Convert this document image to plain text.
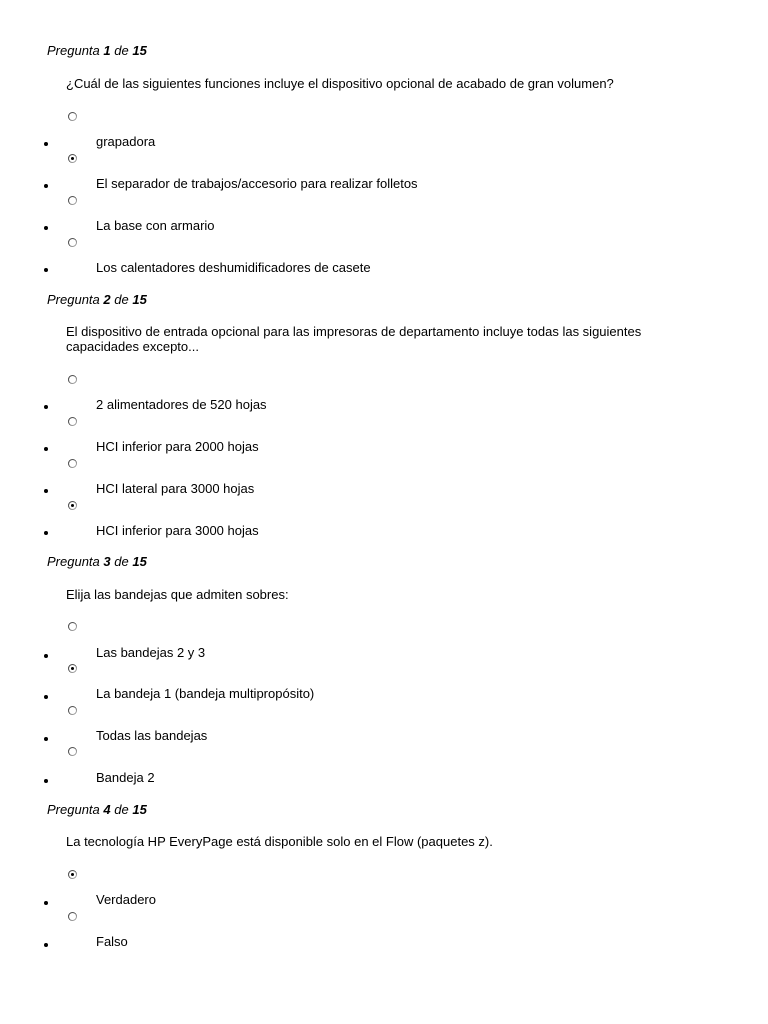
Pregunta 1 de 15
¿Cuál de las siguientes funciones incluye el dispositivo opcional de acabado de gran volumen?
grapadora
El separador de trabajos/accesorio para realizar folletos
La base con armario
Los calentadores deshumidificadores de casete
Pregunta 2 de 15
El dispositivo de entrada opcional para las impresoras de departamento incluye todas las siguientes capacidades excepto...
2 alimentadores de 520 hojas
HCI inferior para 2000 hojas
HCI lateral para 3000 hojas
HCI inferior para 3000 hojas
Pregunta 3 de 15
Elija las bandejas que admiten sobres:
Las bandejas 2 y 3
La bandeja 1 (bandeja multipropósito)
Todas las bandejas
Bandeja 2
Pregunta 4 de 15
La tecnología HP EveryPage está disponible solo en el Flow (paquetes z).
Verdadero
Falso
